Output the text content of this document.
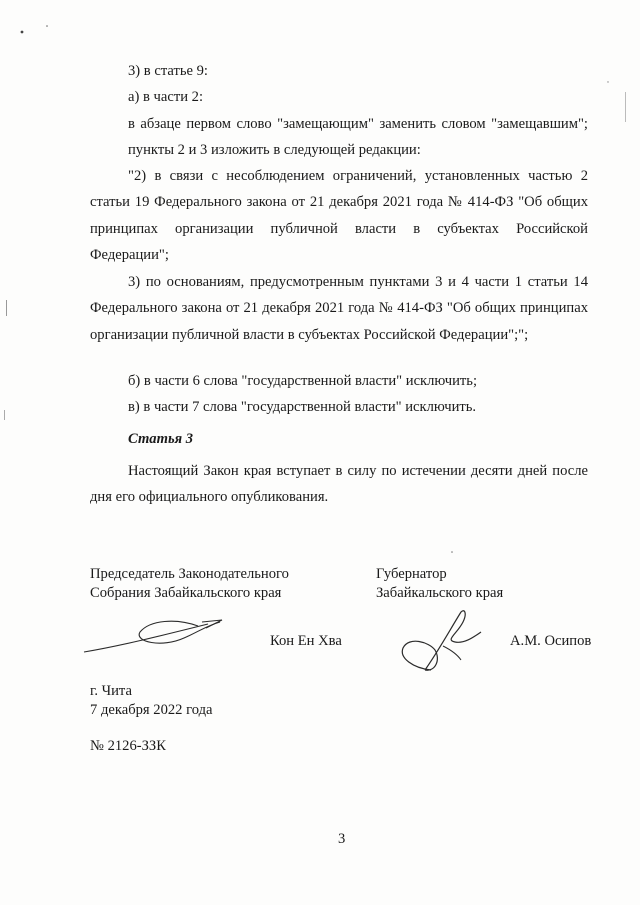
3) в статье 9:
а) в части 2:
в абзаце первом слово "замещающим" заменить словом "замещавшим";
пункты 2 и 3 изложить в следующей редакции:
"2) в связи с несоблюдением ограничений, установленных частью 2 статьи 19 Федерального закона от 21 декабря 2021 года № 414-ФЗ "Об общих принципах организации публичной власти в субъектах Российской Федерации";
3) по основаниям, предусмотренным пунктами 3 и 4 части 1 статьи 14 Федерального закона от 21 декабря 2021 года № 414-ФЗ "Об общих принципах организации публичной власти в субъектах Российской Федерации";";
б) в части 6 слова "государственной власти" исключить;
в) в части 7 слова "государственной власти" исключить.
Статья 3
Настоящий Закон края вступает в силу по истечении десяти дней после дня его официального опубликования.
Председатель Законодательного
Собрания Забайкальского края
Кон Ен Хва
Губернатор
Забайкальского края
А.М. Осипов
г. Чита
7 декабря 2022 года
№ 2126-ЗЗК
3
